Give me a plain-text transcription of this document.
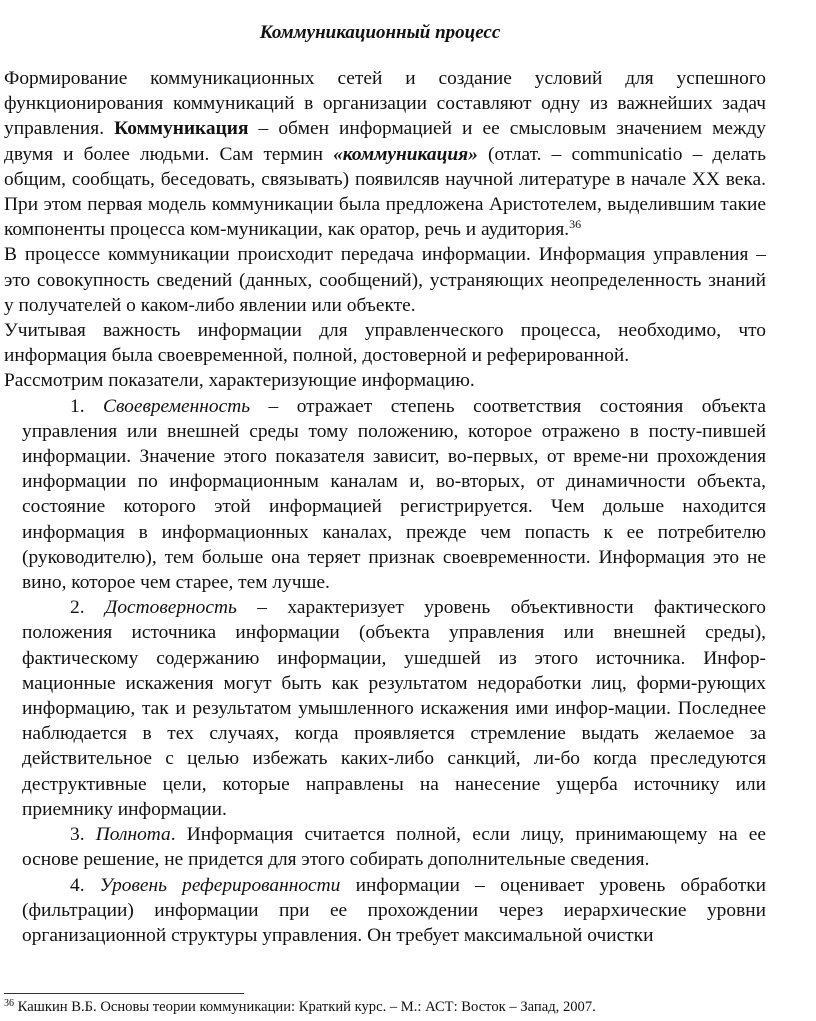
Коммуникационный процесс

Формирование коммуникационных сетей и создание условий для успешного функционирования коммуникаций в организации составляют одну из важнейших задач управления. Коммуникация – обмен информацией и ее смысловым значением между двумя и более людьми. Сам термин «коммуникация» (отлат. – communicatio – делать общим, сообщать, беседовать, связывать) появилсяв научной литературе в начале XX века. При этом первая модель коммуникации была предложена Аристотелем, выделившим такие компоненты процесса ком-муникации, как оратор, речь и аудитория.$^{36}$

В процессе коммуникации происходит передача информации. Информация управления – это совокупность сведений (данных, сообщений), устраняющих неопределенность знаний у получателей о каком-либо явлении или объекте.

Учитывая важность информации для управленческого процесса, необходимо, что информация была своевременной, полной, достоверной и реферированной.

Рассмотрим показатели, характеризующие информацию.

1. Своевременность – отражает степень соответствия состояния объекта управления или внешней среды тому положению, которое отражено в посту-пившей информации. Значение этого показателя зависит, во-первых, от време-ни прохождения информации по информационным каналам и, во-вторых, от динамичности объекта, состояние которого этой информацией регистрируется. Чем дольше находится информация в информационных каналах, прежде чем попасть к ее потребителю (руководителю), тем больше она теряет признак своевременности. Информация это не вино, которое чем старее, тем лучше.

2. Достоверность – характеризует уровень объективности фактического положения источника информации (объекта управления или внешней среды), фактическому содержанию информации, ушедшей из этого источника. Инфор-мационные искажения могут быть как результатом недоработки лиц, форми-рующих информацию, так и результатом умышленного искажения ими инфор-мации. Последнее наблюдается в тех случаях, когда проявляется стремление выдать желаемое за действительное с целью избежать каких-либо санкций, ли-бо когда преследуются деструктивные цели, которые направлены на нанесение ущерба источнику или приемнику информации.

3. Полнота. Информация считается полной, если лицу, принимающему на ее основе решение, не придется для этого собирать дополнительные сведения.

4. Уровень реферированности информации – оценивает уровень обработки (фильтрации) информации при ее прохождении через иерархические уровни организационной структуры управления. Он требует максимальной очистки

$^{36}$ Кашкин В.Б. Основы теории коммуникации: Краткий курс. – М.: АСТ: Восток – Запад, 2007.
